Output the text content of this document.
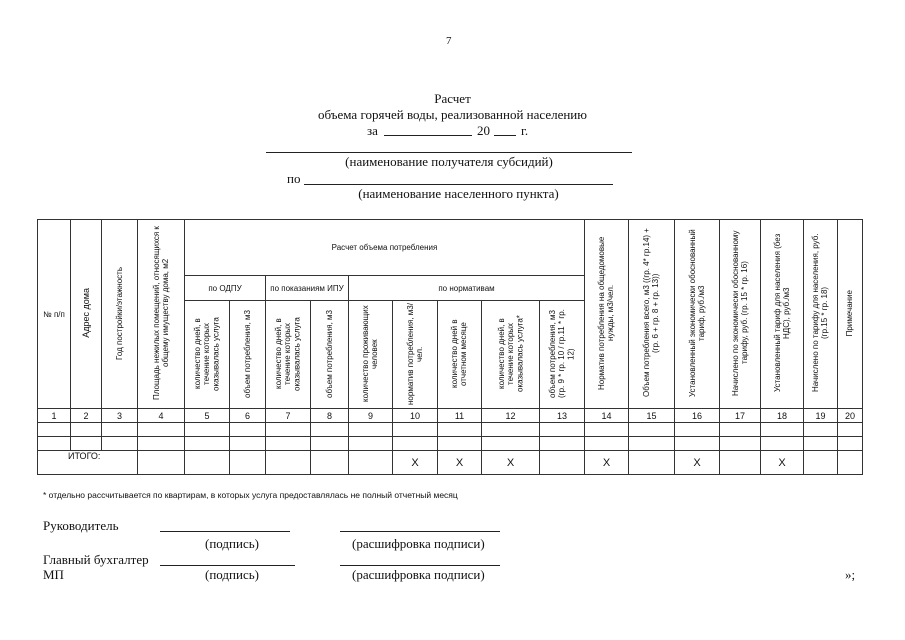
7
Расчет
объема горячей воды, реализованной населению
за	20 г.
(наименование получателя субсидий)
по
(наименование населенного пункта)
№ п/п	Адрес дома	Год постройки/этажность	Площадь нежилых помещений, относящихся к общему имуществу дома, м2	Расчет объема потребления									Норматив потребления на общедомовые нужды, м3/чел.	Объем потребления всего, м3 ((гр. 4* гр.14) + (гр. 6 + гр. 8 + гр. 13))	Установленный экономически обоснованный тариф, руб./м3	Начислено по экономически обоснованному тарифу, руб. (гр. 15 * гр. 16)	Установленный тариф для населения (без НДС), руб./м3	Начислено по тарифу для населения, руб. (гр.15 * гр. 18)	Примечание
				по ОДПУ		по показаниям ИПУ		по нормативам											
				количество дней, в течение которых оказывалась услуга	объем потребления, м3	количество дней, в течение которых оказывалась услуга	объем потребления, м3	количество проживающих человек	норматив потребления, м3/чел.	количество дней в отчетном месяце	количество дней, в течение которых оказывалась услуга*	объем потребления, м3 (гр. 9 * гр. 10 / гр.11 * гр. 12)							
1	2	3	4	5	6	7	8	9	10	11	12	13	14	15	16	17	18	19	20

ИТОГО:									Х	Х	Х		Х		Х		Х		
* отдельно рассчитывается по квартирам, в которых услуга предоставлялась не полный отчетный месяц
Руководитель
(подпись)	(расшифровка подписи)
Главный бухгалтер
МП	(подпись)	(расшифровка подписи)	»;
